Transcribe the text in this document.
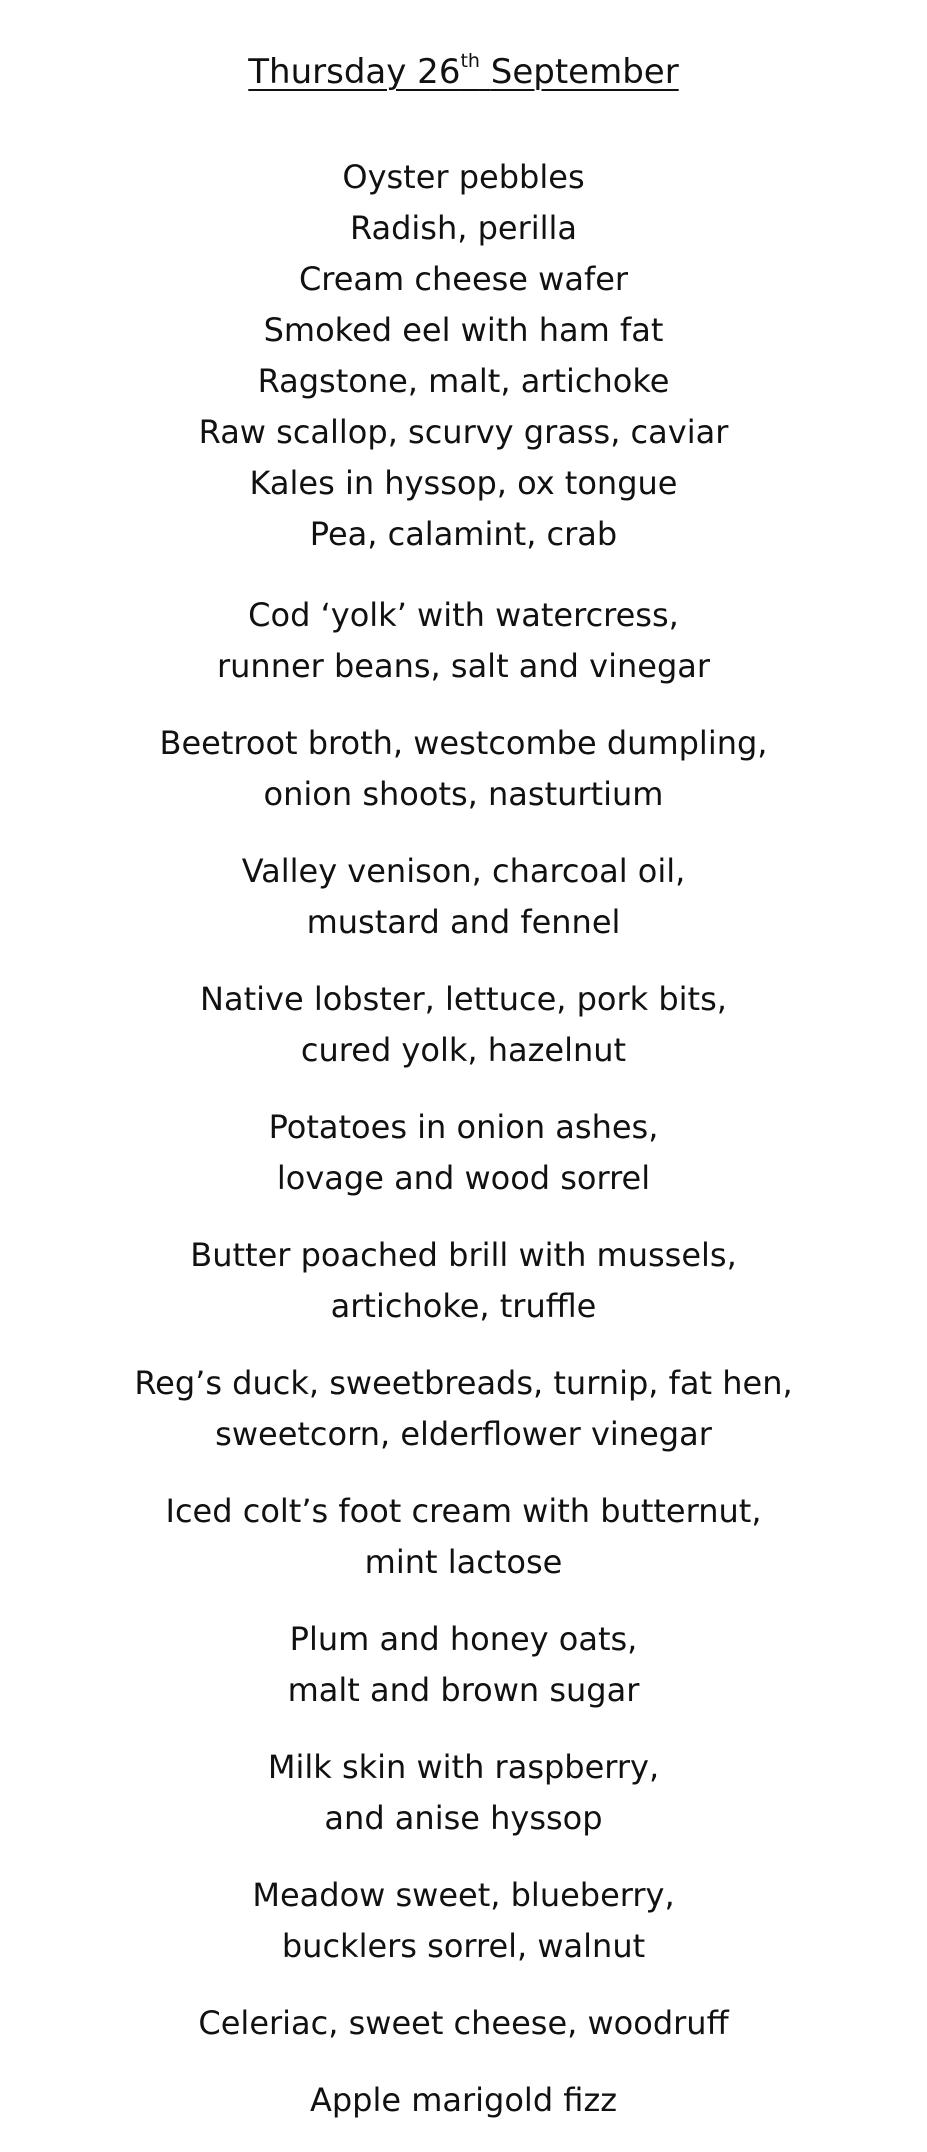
Thursday 26th September
Oyster pebbles
Radish, perilla
Cream cheese wafer
Smoked eel with ham fat
Ragstone, malt, artichoke
Raw scallop, scurvy grass, caviar
Kales in hyssop, ox tongue
Pea, calamint, crab
Cod ‘yolk’ with watercress,
runner beans, salt and vinegar
Beetroot broth, westcombe dumpling,
onion shoots, nasturtium
Valley venison, charcoal oil,
mustard and fennel
Native lobster, lettuce, pork bits,
cured yolk, hazelnut
Potatoes in onion ashes,
lovage and wood sorrel
Butter poached brill with mussels,
artichoke, truffle
Reg’s duck, sweetbreads, turnip, fat hen,
sweetcorn, elderflower vinegar
Iced colt’s foot cream with butternut,
mint lactose
Plum and honey oats,
malt and brown sugar
Milk skin with raspberry,
and anise hyssop
Meadow sweet, blueberry,
bucklers sorrel, walnut
Celeriac, sweet cheese, woodruff
Apple marigold fizz
